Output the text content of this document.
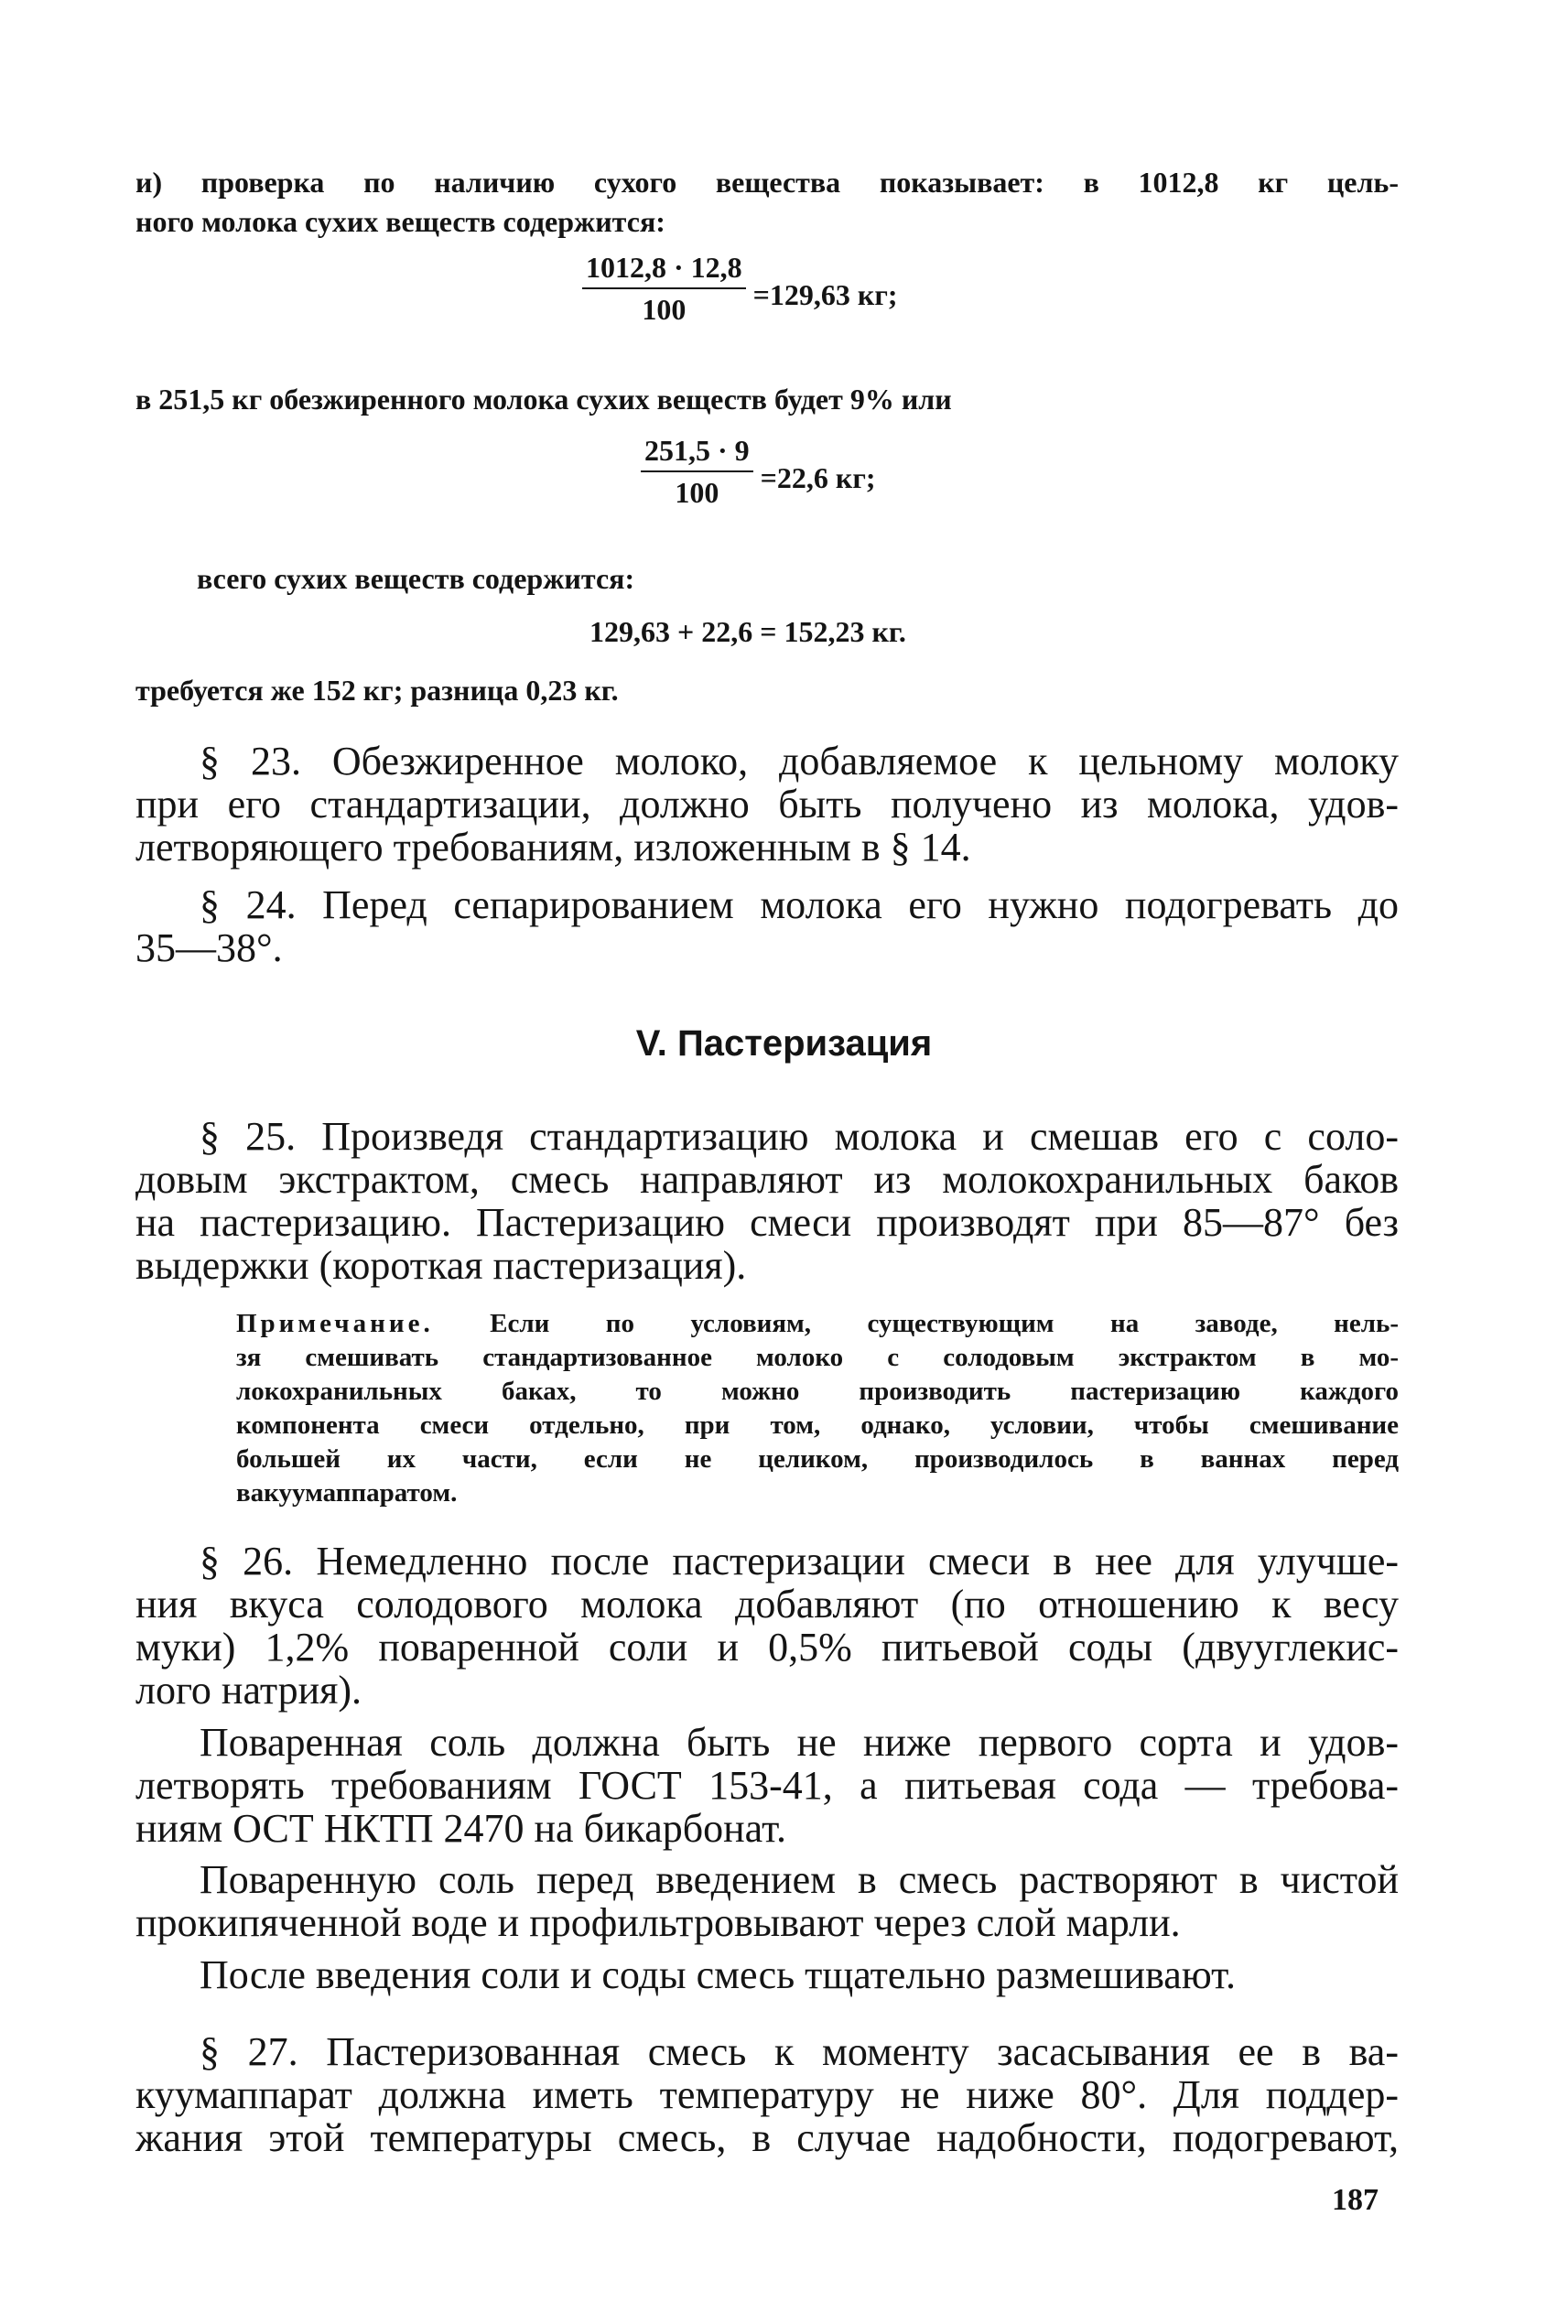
и) проверка по наличию сухого вещества показывает: в 1012,8 кг цель-
ного молока сухих веществ содержится:
$\frac{1012,8 \cdot 12,8}{100} =129,63$ кг;
в 251,5 кг обезжиренного молока сухих веществ будет 9% или
$\frac{251,5 \cdot 9}{100} =22,6$ кг;
всего сухих веществ содержится:
129,63 + 22,6 = 152,23 кг.
требуется же 152 кг; разница 0,23 кг.
§ 23. Обезжиренное молоко, добавляемое к цельному молоку
при его стандартизации, должно быть получено из молока, удов-
летворяющего требованиям, изложенным в § 14.
§ 24. Перед сепарированием молока его нужно подогревать до
35—38°.
V. Пастеризация
§ 25. Произведя стандартизацию молока и смешав его с соло-
довым экстрактом, смесь направляют из молокохранильных баков
на пастеризацию. Пастеризацию смеси производят при 85—87° без
выдержки (короткая пастеризация).
Примечание. Если по условиям, существующим на заводе, нель-
зя смешивать стандартизованное молоко с солодовым экстрактом в мо-
локохранильных баках, то можно производить пастеризацию каждого
компонента смеси отдельно, при том, однако, условии, чтобы смешивание
большей их части, если не целиком, производилось в ваннах перед
вакуумаппаратом.
§ 26. Немедленно после пастеризации смеси в нее для улучше-
ния вкуса солодового молока добавляют (по отношению к весу
муки) 1,2% поваренной соли и 0,5% питьевой соды (двууглекис-
лого натрия).
Поваренная соль должна быть не ниже первого сорта и удов-
летворять требованиям ГОСТ 153-41, а питьевая сода — требова-
ниям ОСТ НКТП 2470 на бикарбонат.
Поваренную соль перед введением в смесь растворяют в чистой
прокипяченной воде и профильтровывают через слой марли.
После введения соли и соды смесь тщательно размешивают.
§ 27. Пастеризованная смесь к моменту засасывания ее в ва-
куумаппарат должна иметь температуру не ниже 80°. Для поддер-
жания этой температуры смесь, в случае надобности, подогревают,
187
